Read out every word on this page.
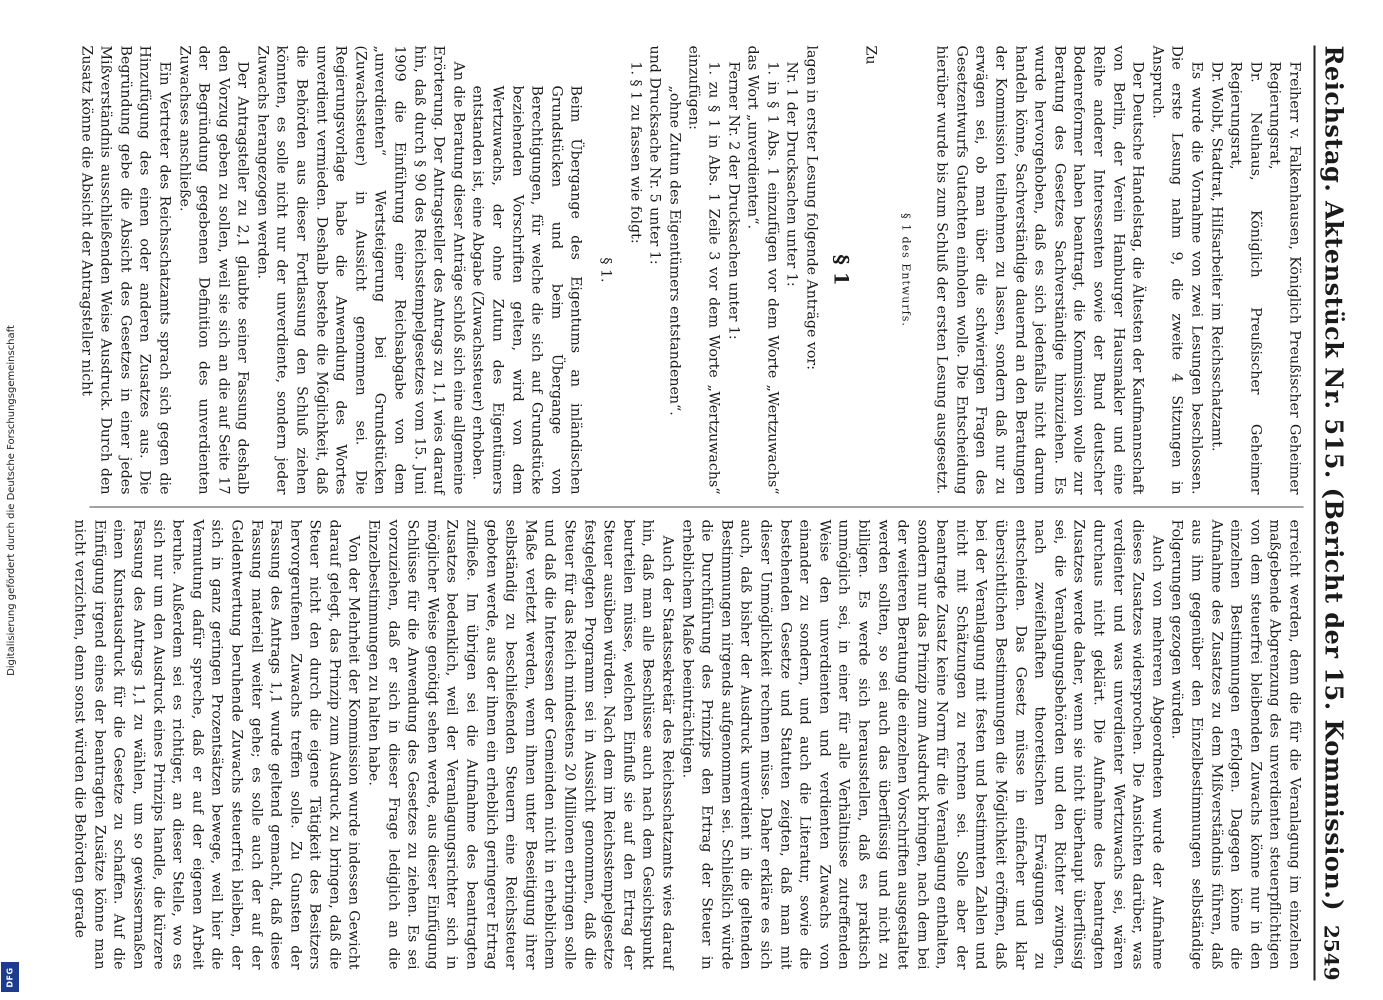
Digitalisierung gefördert durch die Deutsche Forschungsgemeinschaft
DFG
Reichstag. Aktenstück Nr. 515. (Bericht der 15. Kommission.)
2549

Freiherr v. Falkenhausen, Königlich Preußischer Geheimer Regierungsrat,

Dr. Neuhaus, Königlich Preußischer Geheimer Regierungsrat,

Dr. Wolbt, Stadtrat, Hilfsarbeiter im Reichsschatzamt.

Es wurde die Vornahme von zwei Lesungen beschlossen. Die erste Lesung nahm 9, die zweite 4 Sitzungen in Anspruch.

Der Deutsche Handelstag, die Ältesten der Kaufmannschaft von Berlin, der Verein Hamburger Hausmakler und eine Reihe anderer Interessenten sowie der Bund deutscher Bodenreformer haben beantragt, die Kommission wolle zur Beratung des Gesetzes Sachverständige hinzuziehen. Es wurde hervorgehoben, daß es sich jedenfalls nicht darum handeln könne, Sachverständige dauernd an den Beratungen der Kommission teilnehmen zu lassen, sondern daß nur zu erwägen sei, ob man über die schwierigen Fragen des Gesetzentwurfs Gutachten einholen wolle. Die Entscheidung hierüber wurde bis zum Schluß der ersten Lesung ausgesetzt.

§ 1 des Entwurfs.

Zu

§ 1

lagen in erster Lesung folgende Anträge vor:

Nr. 1 der Drucksachen unter 1:

1. in § 1 Abs. 1 einzufügen vor dem Worte „Wertzuwachs“ das Wort „unverdienten“.

Ferner Nr. 2 der Drucksachen unter 1:

1. zu § 1 in Abs. 1 Zeile 3 vor dem Worte „Wertzuwachs“ einzufügen:

„ohne Zutun des Eigentümers entstandenen“.

und Drucksache Nr. 5 unter 1:

1. § 1 zu fassen wie folgt:

§ 1.

Beim Übergange des Eigentums an inländischen Grundstücken und beim Übergange von Berechtigungen, für welche die sich auf Grundstücke beziehenden Vorschriften gelten, wird von dem Wertzuwachs, der ohne Zutun des Eigentümers entstanden ist, eine Abgabe (Zuwachssteuer) erhoben.

An die Beratung dieser Anträge schloß sich eine allgemeine Erörterung. Der Antragsteller des Antrags zu 1,1 wies darauf hin, daß durch § 90 des Reichsstempelgesetzes vom 15. Juni 1909 die Einführung einer Reichsabgabe von dem „unverdienten“ Wertsteigerung bei Grundstücken (Zuwachssteuer) in Aussicht genommen sei. Die Regierungsvorlage habe die Anwendung des Wortes unverdient vermieden. Deshalb bestehe die Möglichkeit, daß die Behörden aus dieser Fortlassung den Schluß ziehen könnten, es solle nicht nur der unverdiente, sondern jeder Zuwachs herangezogen werden.

Der Antragsteller zu 2,1 glaubte seiner Fassung deshalb den Vorzug geben zu sollen, weil sie sich an die auf Seite 17 der Begründung gegebenen Definition des unverdienten Zuwachses anschließe.

Ein Vertreter des Reichsschatzamts sprach sich gegen die Hinzufügung des einen oder anderen Zusatzes aus. Die Begründung gebe die Absicht des Gesetzes in einer jedes Mißverständnis ausschließenden Weise Ausdruck. Durch den Zusatz könne die Absicht der Antragsteller nicht

erreicht werden, denn die für die Veranlagung im einzelnen maßgebende Abgrenzung des unverdienten steuerpflichtigen von dem steuerfrei bleibenden Zuwachs könne nur in den einzelnen Bestimmungen erfolgen. Dagegen könne die Aufnahme des Zusatzes zu dem Mißverständnis führen, daß aus ihm gegenüber den Einzelbestimmungen selbständige Folgerungen gezogen würden.

Auch von mehreren Abgeordneten wurde der Aufnahme dieses Zusatzes widersprochen. Die Ansichten darüber, was verdienter und was unverdienter Wertzuwachs sei, wären durchaus nicht geklärt. Die Aufnahme des beantragten Zusatzes werde daher, wenn sie nicht überhaupt überflüssig sei, die Veranlagungsbehörden und den Richter zwingen, nach zweifelhaften theoretischen Erwägungen zu entscheiden. Das Gesetz müsse in einfacher und klar übersichtlichen Bestimmungen die Möglichkeit eröffnen, daß bei der Veranlagung mit festen und bestimmten Zahlen und nicht mit Schätzungen zu rechnen sei. Solle aber der beantragte Zusatz keine Norm für die Veranlagung enthalten, sondern nur das Prinzip zum Ausdruck bringen, nach dem bei der weiteren Beratung die einzelnen Vorschriften ausgestaltet werden sollten, so sei auch das überflüssig und nicht zu billigen. Es werde sich herausstellen, daß es praktisch unmöglich sei, in einer für alle Verhältnisse zutreffenden Weise den unverdienten und verdienten Zuwachs von einander zu sondern, und auch die Literatur, sowie die bestehenden Gesetze und Statuten zeigten, daß man mit dieser Unmöglichkeit rechnen müsse. Daher erkläre es sich auch, daß bisher der Ausdruck unverdient in die geltenden Bestimmungen nirgends aufgenommen sei. Schließlich würde die Durchführung des Prinzips den Ertrag der Steuer in erheblichem Maße beeinträchtigen.

Auch der Staatssekretär des Reichsschatzamts wies darauf hin, daß man alle Beschlüsse auch nach dem Gesichtspunkt beurteilen müsse, welchen Einfluß sie auf den Ertrag der Steuer ausüben würden. Nach dem im Reichsstempelgesetze festgelegten Programm sei in Aussicht genommen, daß die Steuer für das Reich mindestens 20 Millionen erbringen solle und daß die Interessen der Gemeinden nicht in erheblichem Maße verletzt werden, wenn ihnen unter Beseitigung ihrer selbständig zu beschließenden Steuern eine Reichssteuer geboten werde, aus der ihnen ein erheblich geringerer Ertrag zufließe. Im übrigen sei die Aufnahme des beantragten Zusatzes bedenklich, weil der Veranlagungsrichter sich in möglicher Weise genötigt sehen werde, aus dieser Einfügung Schlüsse für die Anwendung des Gesetzes zu ziehen. Es sei vorzuziehen, daß er sich in dieser Frage lediglich an die Einzelbestimmungen zu halten habe.

Von der Mehrheit der Kommission wurde indessen Gewicht darauf gelegt, das Prinzip zum Ausdruck zu bringen, daß die Steuer nicht den durch die eigene Tätigkeit des Besitzers hervorgerufenen Zuwachs treffen solle. Zu Gunsten der Fassung des Antrags 1,1 wurde geltend gemacht, daß diese Fassung materiell weiter gehe; es solle auch der auf der Geldentwertung beruhende Zuwachs steuerfrei bleiben, der sich in ganz geringen Prozentsätzen bewege, weil hier die Vermutung dafür spreche, daß er auf der eigenen Arbeit beruhe. Außerdem sei es richtiger, an dieser Stelle, wo es sich nur um den Ausdruck eines Prinzips handle, die kürzere Fassung des Antrags 1,1 zu wählen, um so gewissermaßen einen Kunstausdruck für die Gesetze zu schaffen. Auf die Einfügung irgend eines der beantragten Zusätze könne man nicht verzichten, denn sonst würden die Behörden gerade
